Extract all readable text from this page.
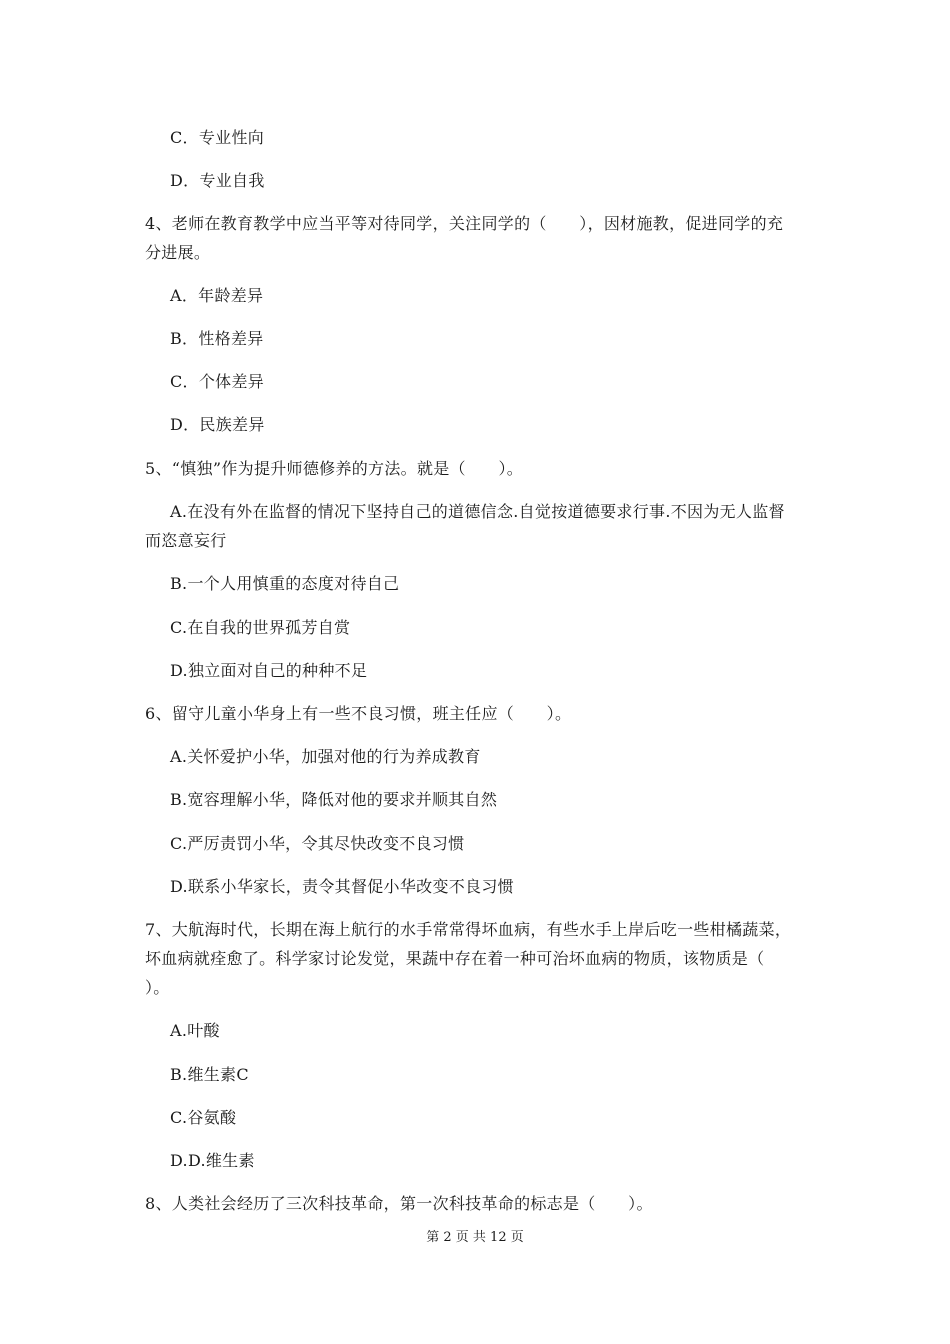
C．专业性向
D．专业自我
4、老师在教育教学中应当平等对待同学，关注同学的（　　），因材施教，促进同学的充
分进展。
A．年龄差异
B．性格差异
C．个体差异
D．民族差异
5、“慎独”作为提升师德修养的方法。就是（　　）。
A.在没有外在监督的情况下坚持自己的道德信念.自觉按道德要求行事.不因为无人监督
而恣意妄行
B.一个人用慎重的态度对待自己
C.在自我的世界孤芳自赏
D.独立面对自己的种种不足
6、留守儿童小华身上有一些不良习惯，班主任应（　　）。
A.关怀爱护小华，加强对他的行为养成教育
B.宽容理解小华，降低对他的要求并顺其自然
C.严厉责罚小华，令其尽快改变不良习惯
D.联系小华家长，责令其督促小华改变不良习惯
7、大航海时代，长期在海上航行的水手常常得坏血病，有些水手上岸后吃一些柑橘蔬菜，
坏血病就痊愈了。科学家讨论发觉，果蔬中存在着一种可治坏血病的物质，该物质是（
）。
A.叶酸
B.维生素C
C.谷氨酸
D.D.维生素
8、人类社会经历了三次科技革命，第一次科技革命的标志是（　　）。
第 2 页 共 12 页
